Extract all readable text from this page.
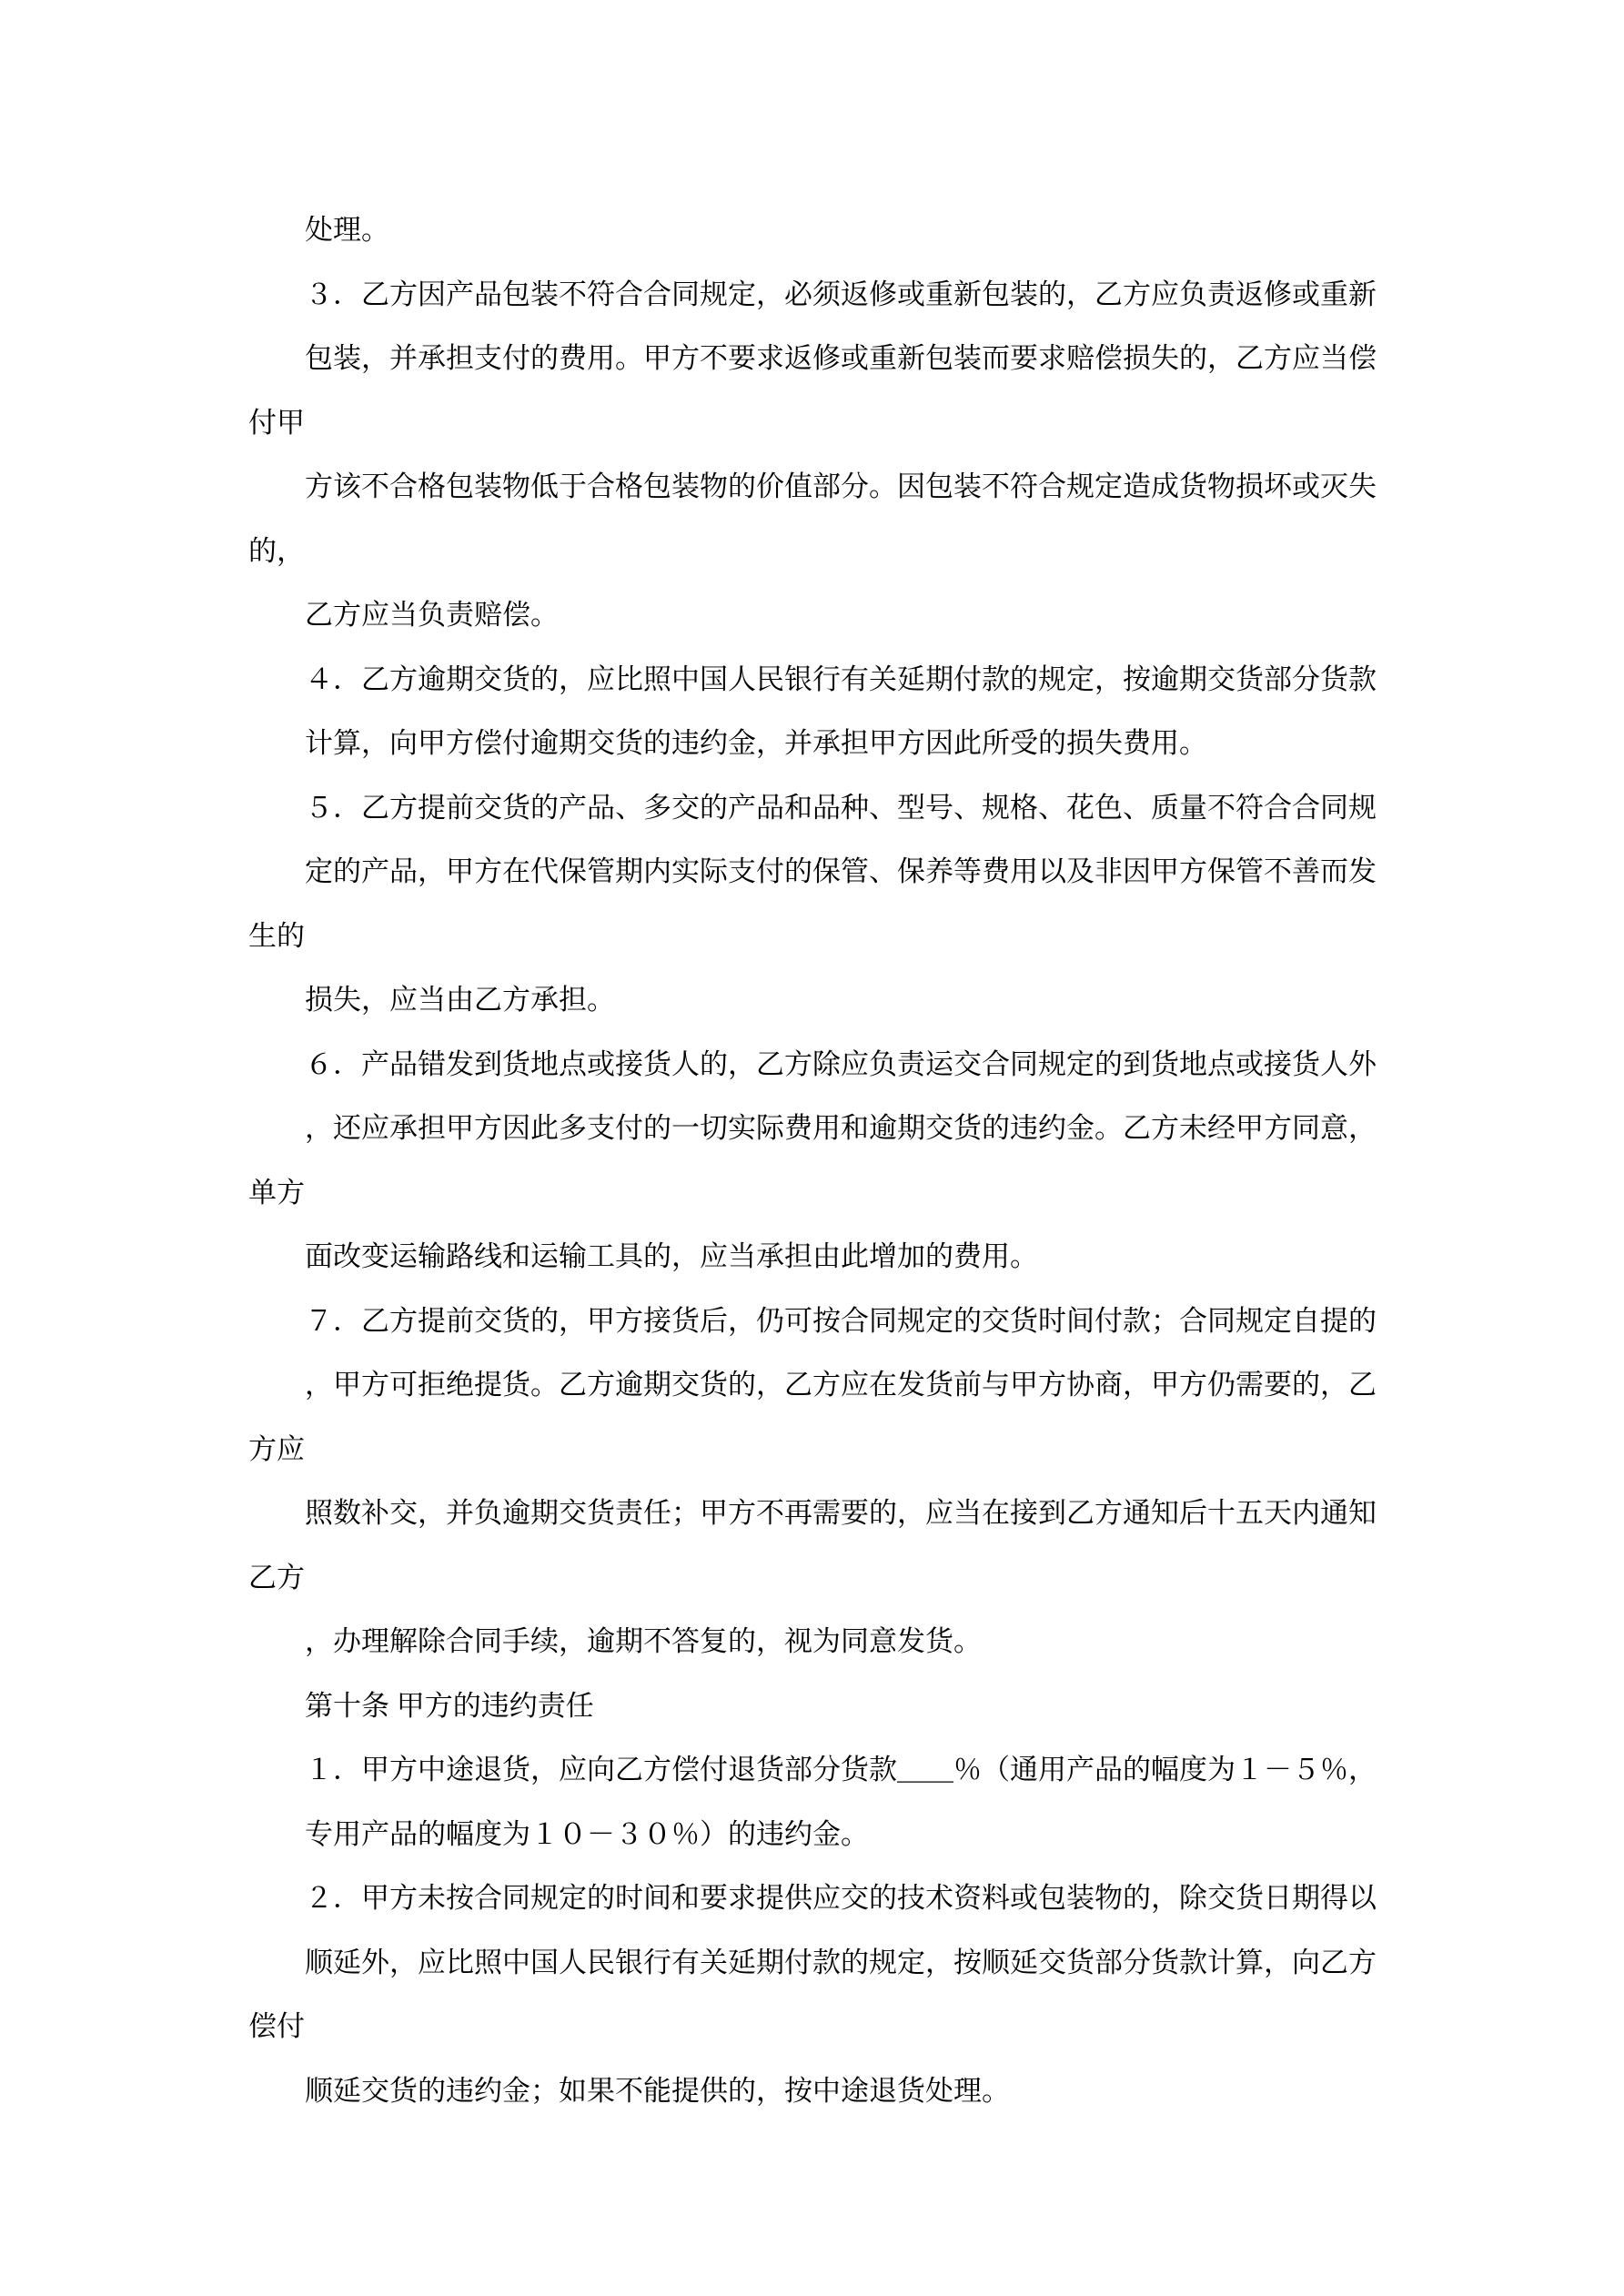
处理。
３．乙方因产品包装不符合合同规定，必须返修或重新包装的，乙方应负责返修或重新
包装，并承担支付的费用。甲方不要求返修或重新包装而要求赔偿损失的，乙方应当偿
付甲
方该不合格包装物低于合格包装物的价值部分。因包装不符合规定造成货物损坏或灭失
的，
乙方应当负责赔偿。
４．乙方逾期交货的，应比照中国人民银行有关延期付款的规定，按逾期交货部分货款
计算，向甲方偿付逾期交货的违约金，并承担甲方因此所受的损失费用。
５．乙方提前交货的产品、多交的产品和品种、型号、规格、花色、质量不符合合同规
定的产品，甲方在代保管期内实际支付的保管、保养等费用以及非因甲方保管不善而发
生的
损失，应当由乙方承担。
６．产品错发到货地点或接货人的，乙方除应负责运交合同规定的到货地点或接货人外
，还应承担甲方因此多支付的一切实际费用和逾期交货的违约金。乙方未经甲方同意，
单方
面改变运输路线和运输工具的，应当承担由此增加的费用。
７．乙方提前交货的，甲方接货后，仍可按合同规定的交货时间付款；合同规定自提的
，甲方可拒绝提货。乙方逾期交货的，乙方应在发货前与甲方协商，甲方仍需要的，乙
方应
照数补交，并负逾期交货责任；甲方不再需要的，应当在接到乙方通知后十五天内通知
乙方
，办理解除合同手续，逾期不答复的，视为同意发货。
第十条 甲方的违约责任
１．甲方中途退货，应向乙方偿付退货部分货款＿＿％（通用产品的幅度为１－５％，
专用产品的幅度为１０－３０％）的违约金。
２．甲方未按合同规定的时间和要求提供应交的技术资料或包装物的，除交货日期得以
顺延外，应比照中国人民银行有关延期付款的规定，按顺延交货部分货款计算，向乙方
偿付
顺延交货的违约金；如果不能提供的，按中途退货处理。
